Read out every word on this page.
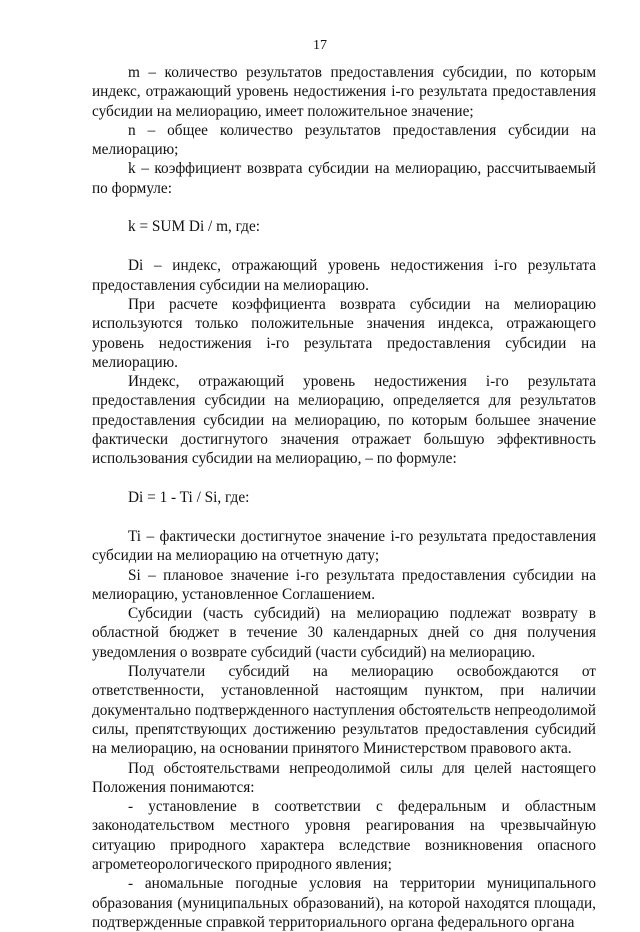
17

m – количество результатов предоставления субсидии, по которым индекс, отражающий уровень недостижения i-го результата предоставления субсидии на мелиорацию, имеет положительное значение;

n – общее количество результатов предоставления субсидии на мелиорацию;

k – коэффициент возврата субсидии на мелиорацию, рассчитываемый по формуле:

k = SUM Di / m, где:

Di – индекс, отражающий уровень недостижения i-го результата предоставления субсидии на мелиорацию.

При расчете коэффициента возврата субсидии на мелиорацию используются только положительные значения индекса, отражающего уровень недостижения i-го результата предоставления субсидии на мелиорацию.

Индекс, отражающий уровень недостижения i-го результата предоставления субсидии на мелиорацию, определяется для результатов предоставления субсидии на мелиорацию, по которым большее значение фактически достигнутого значения отражает большую эффективность использования субсидии на мелиорацию, – по формуле:

Di = 1 - Ti / Si, где:

Ti – фактически достигнутое значение i-го результата предоставления субсидии на мелиорацию на отчетную дату;

Si – плановое значение i-го результата предоставления субсидии на мелиорацию, установленное Соглашением.

Субсидии (часть субсидий) на мелиорацию подлежат возврату в областной бюджет в течение 30 календарных дней со дня получения уведомления о возврате субсидий (части субсидий) на мелиорацию.

Получатели субсидий на мелиорацию освобождаются от ответственности, установленной настоящим пунктом, при наличии документально подтвержденного наступления обстоятельств непреодолимой силы, препятствующих достижению результатов предоставления субсидий на мелиорацию, на основании принятого Министерством правового акта.

Под обстоятельствами непреодолимой силы для целей настоящего Положения понимаются:

- установление в соответствии с федеральным и областным законодательством местного уровня реагирования на чрезвычайную ситуацию природного характера вследствие возникновения опасного агрометеорологического природного явления;

- аномальные погодные условия на территории муниципального образования (муниципальных образований), на которой находятся площади, подтвержденные справкой территориального органа федерального органа
